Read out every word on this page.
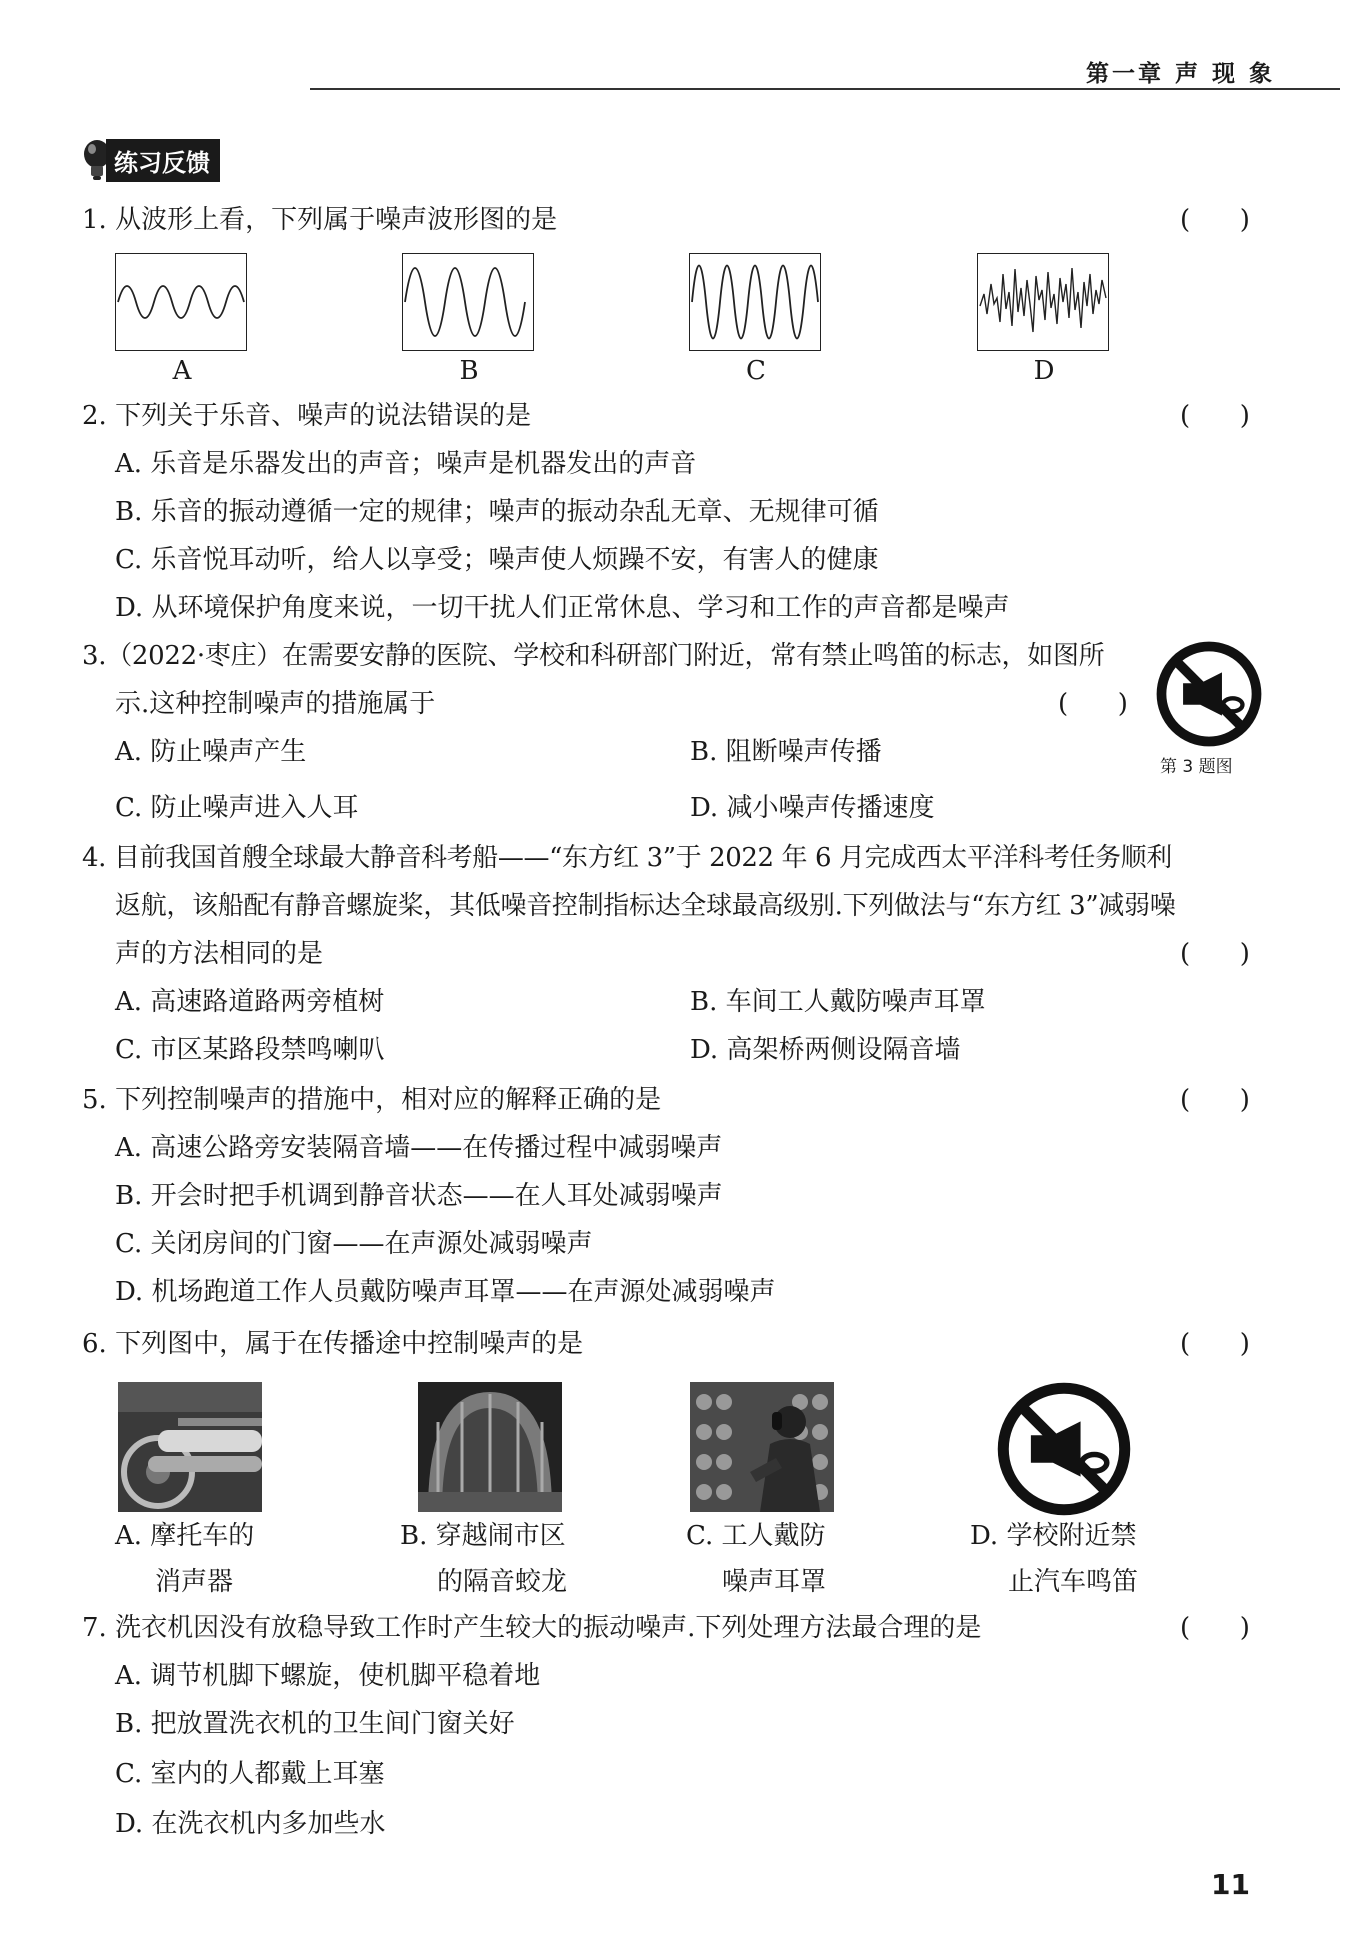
第一章 声 现 象
练习反馈
1. 从波形上看，下列属于噪声波形图的是	(      )
A	B	C	D
2. 下列关于乐音、噪声的说法错误的是	(      )
A. 乐音是乐器发出的声音；噪声是机器发出的声音
B. 乐音的振动遵循一定的规律；噪声的振动杂乱无章、无规律可循
C. 乐音悦耳动听，给人以享受；噪声使人烦躁不安，有害人的健康
D. 从环境保护角度来说，一切干扰人们正常休息、学习和工作的声音都是噪声
3.（2022·枣庄）在需要安静的医院、学校和科研部门附近，常有禁止鸣笛的标志，如图所
示.这种控制噪声的措施属于	(      )
A. 防止噪声产生	B. 阻断噪声传播
C. 防止噪声进入人耳	D. 减小噪声传播速度
第 3 题图
4. 目前我国首艘全球最大静音科考船——“东方红 3”于 2022 年 6 月完成西太平洋科考任务顺利
返航，该船配有静音螺旋桨，其低噪音控制指标达全球最高级别.下列做法与“东方红 3”减弱噪
声的方法相同的是	(      )
A. 高速路道路两旁植树	B. 车间工人戴防噪声耳罩
C. 市区某路段禁鸣喇叭	D. 高架桥两侧设隔音墙
5. 下列控制噪声的措施中，相对应的解释正确的是	(      )
A. 高速公路旁安装隔音墙——在传播过程中减弱噪声
B. 开会时把手机调到静音状态——在人耳处减弱噪声
C. 关闭房间的门窗——在声源处减弱噪声
D. 机场跑道工作人员戴防噪声耳罩——在声源处减弱噪声
6. 下列图中，属于在传播途中控制噪声的是	(      )
A. 摩托车的
消声器
B. 穿越闹市区
的隔音蛟龙
C. 工人戴防
噪声耳罩
D. 学校附近禁
止汽车鸣笛
7. 洗衣机因没有放稳导致工作时产生较大的振动噪声.下列处理方法最合理的是	(      )
A. 调节机脚下螺旋，使机脚平稳着地
B. 把放置洗衣机的卫生间门窗关好
C. 室内的人都戴上耳塞
D. 在洗衣机内多加些水
11
